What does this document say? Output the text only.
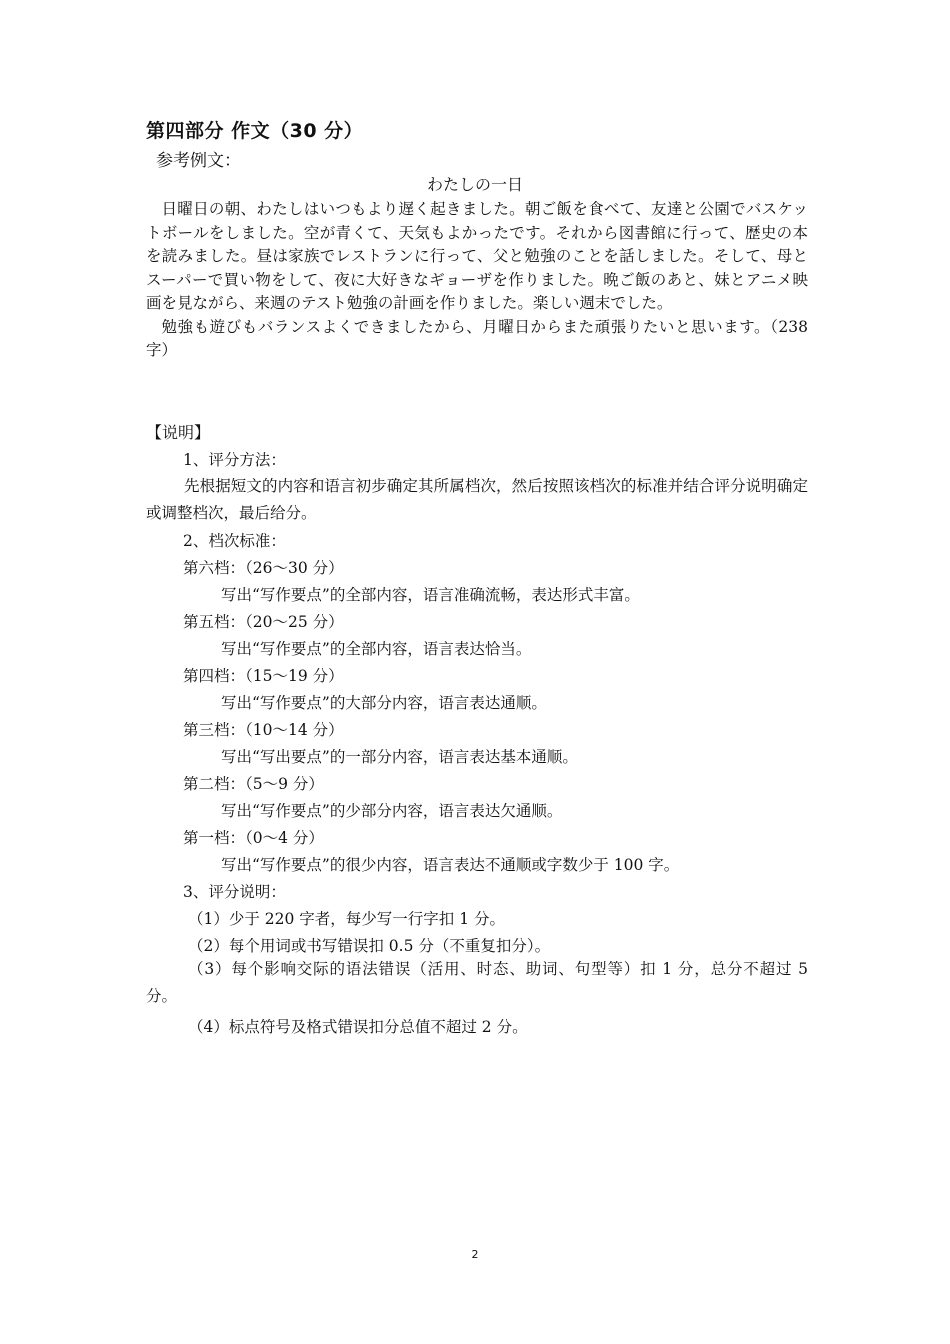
第四部分 作文（30 分）
参考例文：
わたしの一日

日曜日の朝、わたしはいつもより遅く起きました。朝ご飯を食べて、友達と公園でバスケットボールをしました。空が青くて、天気もよかったです。それから図書館に行って、歴史の本を読みました。昼は家族でレストランに行って、父と勉強のことを話しました。そして、母とスーパーで買い物をして、夜に大好きなギョーザを作りました。晩ご飯のあと、妹とアニメ映画を見ながら、来週のテスト勉強の計画を作りました。楽しい週末でした。

勉強も遊びもバランスよくできましたから、月曜日からまた頑張りたいと思います。（238 字）

【说明】
1、评分方法：
先根据短文的内容和语言初步确定其所属档次，然后按照该档次的标准并结合评分说明确定或调整档次，最后给分。
2、档次标准：
第六档：（26～30 分）
写出“写作要点”的全部内容，语言准确流畅，表达形式丰富。
第五档：（20～25 分）
写出“写作要点”的全部内容，语言表达恰当。
第四档：（15～19 分）
写出“写作要点”的大部分内容，语言表达通顺。
第三档：（10～14 分）
写出“写出要点”的一部分内容，语言表达基本通顺。
第二档：（5～9 分）
写出“写作要点”的少部分内容，语言表达欠通顺。
第一档：（0～4 分）
写出“写作要点”的很少内容，语言表达不通顺或字数少于 100 字。
3、评分说明：
（1）少于 220 字者，每少写一行字扣 1 分。
（2）每个用词或书写错误扣 0.5 分（不重复扣分）。
（3）每个影响交际的语法错误（活用、时态、助词、句型等）扣 1 分，总分不超过 5 分。
（4）标点符号及格式错误扣分总值不超过 2 分。
2
